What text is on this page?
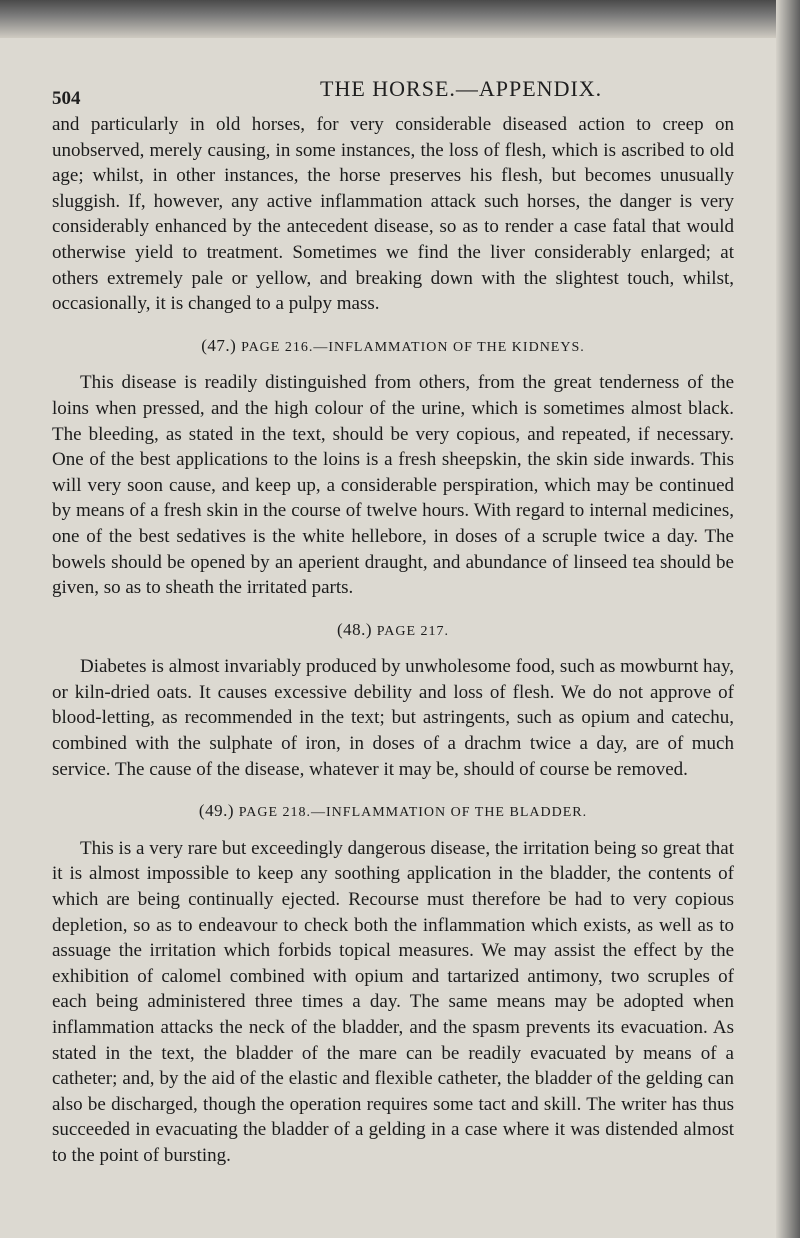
504	THE HORSE.—APPENDIX.

and particularly in old horses, for very considerable diseased action to creep on unobserved, merely causing, in some instances, the loss of flesh, which is ascribed to old age; whilst, in other instances, the horse preserves his flesh, but becomes unusually sluggish. If, however, any active inflammation attack such horses, the danger is very considerably enhanced by the antecedent disease, so as to render a case fatal that would otherwise yield to treatment. Sometimes we find the liver considerably enlarged; at others extremely pale or yellow, and breaking down with the slightest touch, whilst, occasionally, it is changed to a pulpy mass.

(47.) PAGE 216.—INFLAMMATION OF THE KIDNEYS.

This disease is readily distinguished from others, from the great tenderness of the loins when pressed, and the high colour of the urine, which is sometimes almost black. The bleeding, as stated in the text, should be very copious, and repeated, if necessary. One of the best applications to the loins is a fresh sheepskin, the skin side inwards. This will very soon cause, and keep up, a considerable perspiration, which may be continued by means of a fresh skin in the course of twelve hours. With regard to internal medicines, one of the best sedatives is the white hellebore, in doses of a scruple twice a day. The bowels should be opened by an aperient draught, and abundance of linseed tea should be given, so as to sheath the irritated parts.

(48.) PAGE 217.

Diabetes is almost invariably produced by unwholesome food, such as mowburnt hay, or kiln-dried oats. It causes excessive debility and loss of flesh. We do not approve of blood-letting, as recommended in the text; but astringents, such as opium and catechu, combined with the sulphate of iron, in doses of a drachm twice a day, are of much service. The cause of the disease, whatever it may be, should of course be removed.

(49.) PAGE 218.—INFLAMMATION OF THE BLADDER.

This is a very rare but exceedingly dangerous disease, the irritation being so great that it is almost impossible to keep any soothing application in the bladder, the contents of which are being continually ejected. Recourse must therefore be had to very copious depletion, so as to endeavour to check both the inflammation which exists, as well as to assuage the irritation which forbids topical measures. We may assist the effect by the exhibition of calomel combined with opium and tartarized antimony, two scruples of each being administered three times a day. The same means may be adopted when inflammation attacks the neck of the bladder, and the spasm prevents its evacuation. As stated in the text, the bladder of the mare can be readily evacuated by means of a catheter; and, by the aid of the elastic and flexible catheter, the bladder of the gelding can also be discharged, though the operation requires some tact and skill. The writer has thus succeeded in evacuating the bladder of a gelding in a case where it was distended almost to the point of bursting.
